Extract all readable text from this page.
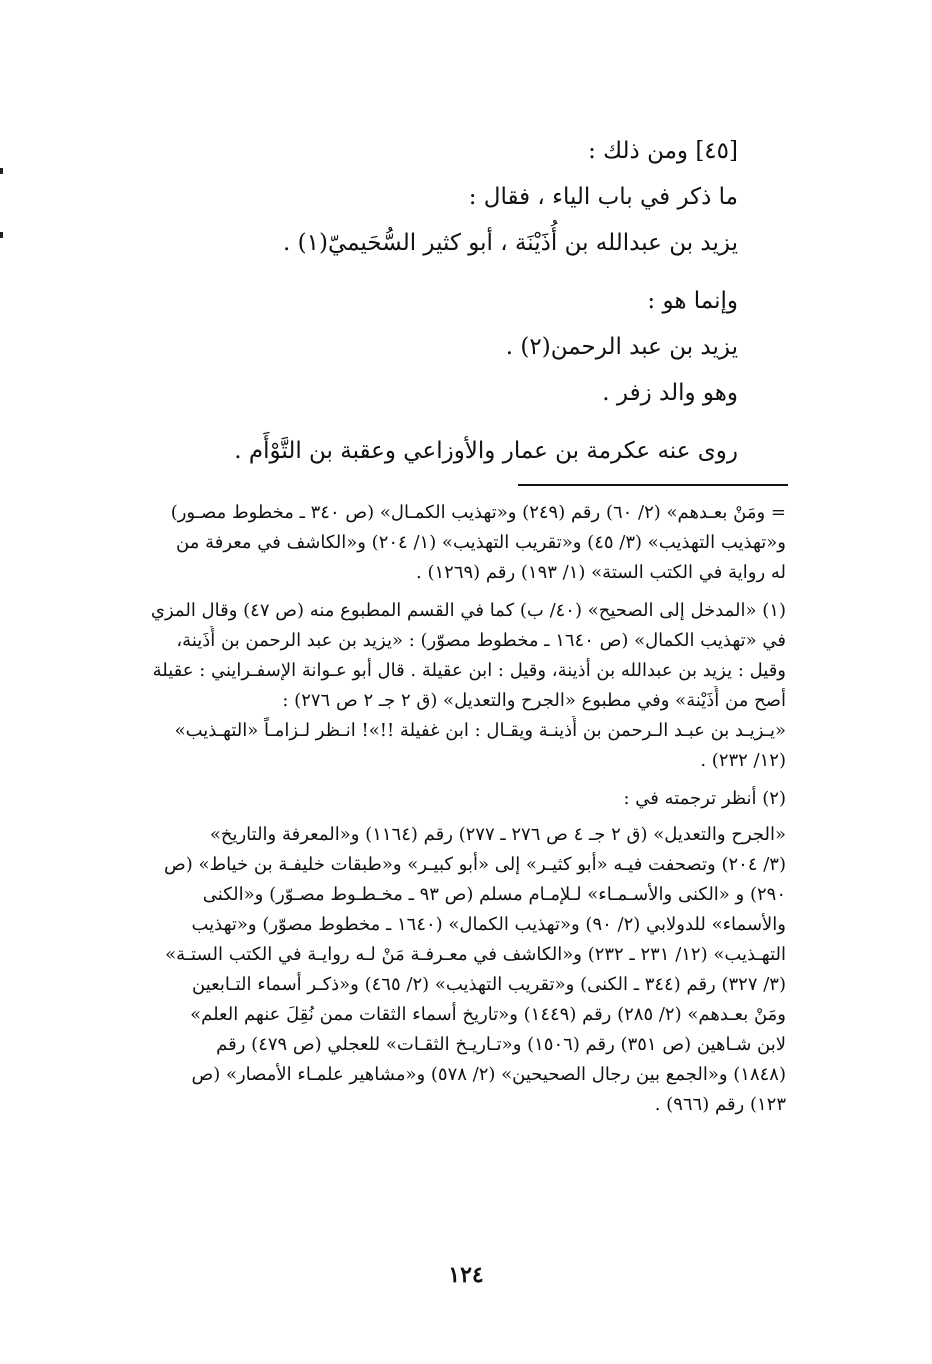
[٤٥] ومن ذلك :
ما ذكر في باب الياء ، فقال :
يزيد بن عبدالله بن أُذَيْنَة ، أبو كثير السُّحَيميّ(١) .
وإنما هو :
يزيد بن عبد الرحمن(٢) .
وهو والد زفر .
روى عنه عكرمة بن عمار والأوزاعي وعقبة بن التَّوْأَم .
= ومَنْ بعـدهم» (٢/ ٦٠) رقم (٢٤٩) و«تهذيب الكمـال» (ص ٣٤٠ ـ مخطوط مصـور)
و«تهذيب التهذيب» (٣/ ٤٥) و«تقريب التهذيب» (١/ ٢٠٤) و«الكاشف في معرفة من
له رواية في الكتب الستة» (١/ ١٩٣) رقم (١٢٦٩) .
(١) «المدخل إلى الصحيح» (٤٠/ ب) كما في القسم المطبوع منه (ص ٤٧) وقال المزي
في «تهذيب الكمال» (ص ١٦٤٠ ـ مخطوط مصوّر) : «يزيد بن عبد الرحمن بن أُذَينة،
وقيل : يزيد بن عبدالله بن أذينة، وقيل : ابن عقيلة . قال أبو عـوانة الإسفـرايني : عقيلة
أصح من أُذَيْنة» وفي مطبوع «الجرح والتعديل» (ق ٢ جـ ٢ ص ٢٧٦) :
«يـزيـد بن عبـد الـرحمن بن أُذينـة ويقـال : ابن غفيلة !!»! انـظر لـزامـاً «التهـذيب»
(١٢/ ٢٣٢) .
(٢) أنظر ترجمته في :
«الجرح والتعديل» (ق ٢ جـ ٤ ص ٢٧٦ ـ ٢٧٧) رقم (١١٦٤) و«المعرفة والتاريخ»
(٣/ ٢٠٤) وتصحفت فيـه «أبو كثيـر» إلى «أبو كبيـر» و«طبقات خليفـة بن خياط» (ص
٢٩٠) و «الكنى والأسـمـاء» لـلإمـام مسلم (ص ٩٣ ـ مخـطـوط مصـوّر) و«الكنى
والأسماء» للدولابي (٢/ ٩٠) و«تهذيب الكمال» (١٦٤٠ ـ مخطوط مصوّر) و«تهذيب
التهـذيب» (١٢/ ٢٣١ ـ ٢٣٢) و«الكاشف في معـرفـة مَنْ لـه روايـة في الكتب الستـة»
(٣/ ٣٢٧) رقم (٣٤٤ ـ الكنى) و«تقريب التهذيب» (٢/ ٤٦٥) و«ذكـر أسماء التـابعين
ومَنْ بعـدهم» (٢/ ٢٨٥) رقم (١٤٤٩) و«تاريخ أسماء الثقات ممن نُقِلَ عنهم العلم»
لابن شـاهين (ص ٣٥١) رقم (١٥٠٦) و«تـاريـخ الثقـات» للعجلي (ص ٤٧٩) رقم
(١٨٤٨) و«الجمع بين رجال الصحيحين» (٢/ ٥٧٨) و«مشاهير علمـاء الأمصار» (ص
١٢٣) رقم (٩٦٦) .
١٢٤
